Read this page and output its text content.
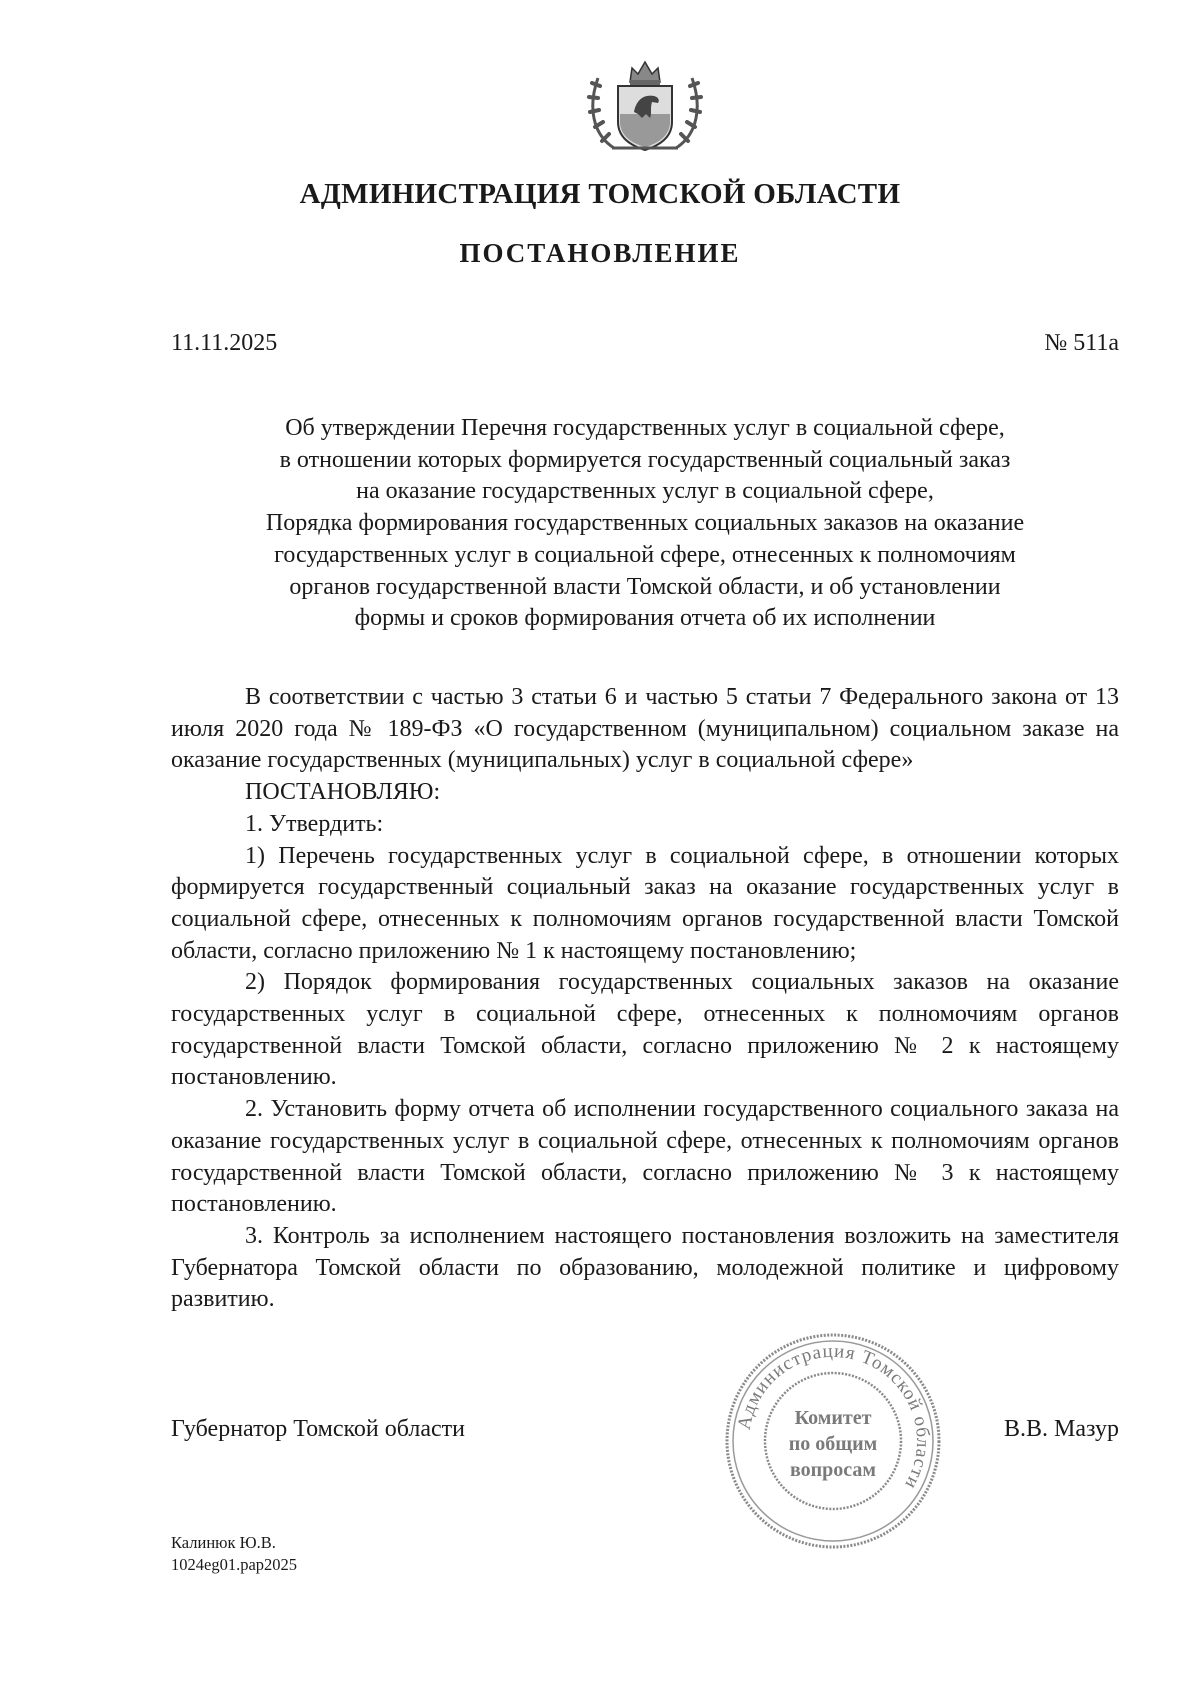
АДМИНИСТРАЦИЯ ТОМСКОЙ ОБЛАСТИ
ПОСТАНОВЛЕНИЕ
11.11.2025	№ 511а
Об утверждении Перечня государственных услуг в социальной сфере,
в отношении которых формируется государственный социальный заказ
на оказание государственных услуг в социальной сфере,
Порядка формирования государственных социальных заказов на оказание
государственных услуг в социальной сфере, отнесенных к полномочиям
органов государственной власти Томской области, и об установлении
формы и сроков формирования отчета об их исполнении

В соответствии с частью 3 статьи 6 и частью 5 статьи 7 Федерального закона от 13 июля 2020 года № 189-ФЗ «О государственном (муниципальном) социальном заказе на оказание государственных (муниципальных) услуг в социальной сфере»

ПОСТАНОВЛЯЮ:

1. Утвердить:

1) Перечень государственных услуг в социальной сфере, в отношении которых формируется государственный социальный заказ на оказание государственных услуг в социальной сфере, отнесенных к полномочиям органов государственной власти Томской области, согласно приложению № 1 к настоящему постановлению;

2) Порядок формирования государственных социальных заказов на оказание государственных услуг в социальной сфере, отнесенных к полномочиям органов государственной власти Томской области, согласно приложению № 2 к настоящему постановлению.

2. Установить форму отчета об исполнении государственного социального заказа на оказание государственных услуг в социальной сфере, отнесенных к полномочиям органов государственной власти Томской области, согласно приложению № 3 к настоящему постановлению.

3. Контроль за исполнением настоящего постановления возложить на заместителя Губернатора Томской области по образованию, молодежной политике и цифровому развитию.

Администрация Томской области
Комитет
по общим
вопросам
Губернатор Томской области	В.В. Мазур
Калинюк Ю.В.
1024eg01.pap2025
